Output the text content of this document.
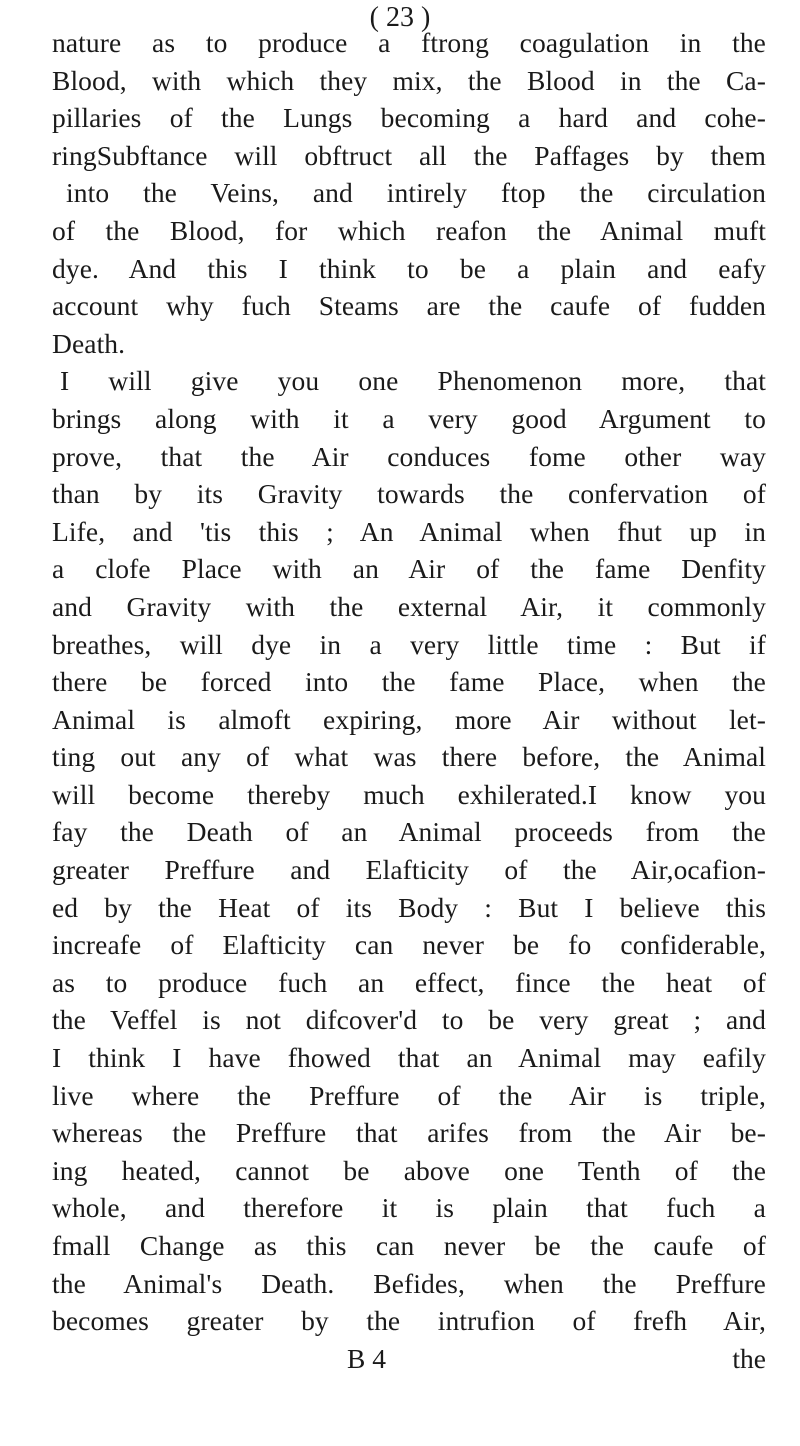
( 23 )
nature as to produce a ftrong coagulation in the
Blood, with which they mix, the Blood in the Ca-
pillaries of the Lungs becoming a hard and cohe-
ringSubftance will obftruct all the Paffages by them
into the Veins, and intirely ftop the circulation
of the Blood, for which reafon the Animal muft
dye. And this I think to be a plain and eafy
account why fuch Steams are the caufe of fudden
Death.
I will give you one Phenomenon more, that
brings along with it a very good Argument to
prove, that the Air conduces fome other way
than by its Gravity towards the confervation of
Life, and 'tis this ; An Animal when fhut up in
a clofe Place with an Air of the fame Denfity
and Gravity with the external Air, it commonly
breathes, will dye in a very little time : But if
there be forced into the fame Place, when the
Animal is almoft expiring, more Air without let-
ting out any of what was there before, the Animal
will become thereby much exhilerated.I know you
fay the Death of an Animal proceeds from the
greater Preffure and Elafticity of the Air,ocafion-
ed by the Heat of its Body : But I believe this
increafe of Elafticity can never be fo confiderable,
as to produce fuch an effect, fince the heat of
the Veffel is not difcover'd to be very great ; and
I think I have fhowed that an Animal may eafily
live where the Preffure of the Air is triple,
whereas the Preffure that arifes from the Air be-
ing heated, cannot be above one Tenth of the
whole, and therefore it is plain that fuch a
fmall Change as this can never be the caufe of
the Animal's Death. Befides, when the Preffure
becomes greater by the intrufion of frefh Air,
B 4	the
